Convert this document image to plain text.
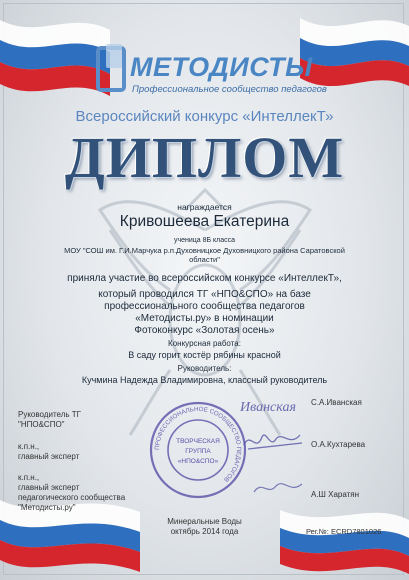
МЕТОДИСТЫ
Профессиональное сообщество педагогов
Всероссийский конкурс «ИнтеллекТ»
ДИПЛОМ
награждается
Кривошеева Екатерина
ученица 8Б класса
МОУ "СОШ им. Г.И.Марчука р.п.Духовницкое Духовницкого района Саратовской
области"
приняла участие во всероссийском конкурсе «ИнтеллекТ»,
который проводился ТГ «НПО&СПО» на базе
профессионального сообщества педагогов
«Методисты.ру» в номинации
Фотоконкурс «Золотая осень»
Конкурсная работа:
В саду горит костёр рябины красной
Руководитель:
Кучмина Надежда Владимировна, классный руководитель
Руководитель ТГ
"НПО&СПО"
к.п.н.,
главный эксперт
к.п.н.,
главный эксперт
педагогического сообщества
"Методисты.ру"
С.А.Иванская
О.А.Кухтарева
А.Ш Харатян
ПРОФЕССИОНАЛЬНОЕ СООБЩЕСТВО ПЕДАГОГОВ
ТВОРЧЕСКАЯ
ГРУППА
«НПО&СПО»
Иванская
Минеральные Воды
октябрь 2014 года	Рег.№: ECRD7801026
